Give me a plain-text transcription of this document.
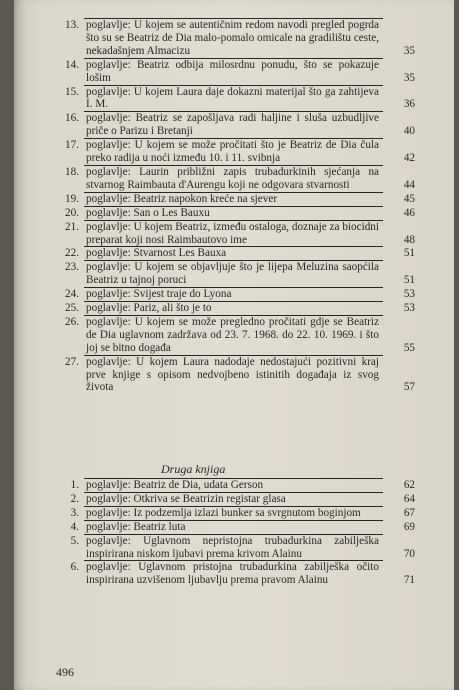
13. poglavlje: U kojem se autentičnim redom navodi pregled pogrda što su se Beatriz de Dia malo-pomalo omicale na gradilištu ceste, nekadašnjem Almacizu	35
14. poglavlje: Beatriz odbija milosrdnu ponudu, što se pokazuje lošim	35
15. poglavlje: U kojem Laura daje dokazni materijal što ga zahtijeva I. M.	36
16. poglavlje: Beatriz se zapošljava radi haljine i sluša uzbudljive priče o Parizu i Bretanji	40
17. poglavlje: U kojem se može pročitati što je Beatriz de Dia čula preko radija u noći između 10. i 11. svibnja	42
18. poglavlje: Laurin približni zapis trubadurkinih sjećanja na stvarnog Raimbauta d'Aurengu koji ne odgovara stvarnosti	44
19. poglavlje: Beatriz napokon kreće na sjever	45
20. poglavlje: San o Les Bauxu	46
21. poglavlje: U kojem Beatriz, između ostaloga, doznaje za biocidni preparat koji nosi Raimbautovo ime	48
22. poglavlje: Stvarnost Les Bauxa	51
23. poglavlje: U kojem se objavljuje što je lijepa Meluzina saopćila Beatriz u tajnoj poruci	51
24. poglavlje: Svijest traje do Lyona	53
25. poglavlje: Pariz, ali što je to	53
26. poglavlje: U kojem se može pregledno pročitati gdje se Beatriz de Dia uglavnom zadržava od 23. 7. 1968. do 22. 10. 1969. i što joj se bitno događa	55
27. poglavlje: U kojem Laura nadodaje nedostajući pozitivni kraj prve knjige s opisom nedvojbeno istinitih događaja iz svog života	57
Druga knjiga
1. poglavlje: Beatriz de Dia, udata Gerson	62
2. poglavlje: Otkriva se Beatrizin registar glasa	64
3. poglavlje: Iz podzemlja izlazi bunker sa svrgnutom boginjom	67
4. poglavlje: Beatriz luta	69
5. poglavlje: Uglavnom nepristojna trubadurkina zabilješka inspirirana niskom ljubavi prema krivom Alainu	70
6. poglavlje: Uglavnom pristojna trubadurkina zabilješka očito inspirirana uzvišenom ljubavlju prema pravom Alainu	71
496
